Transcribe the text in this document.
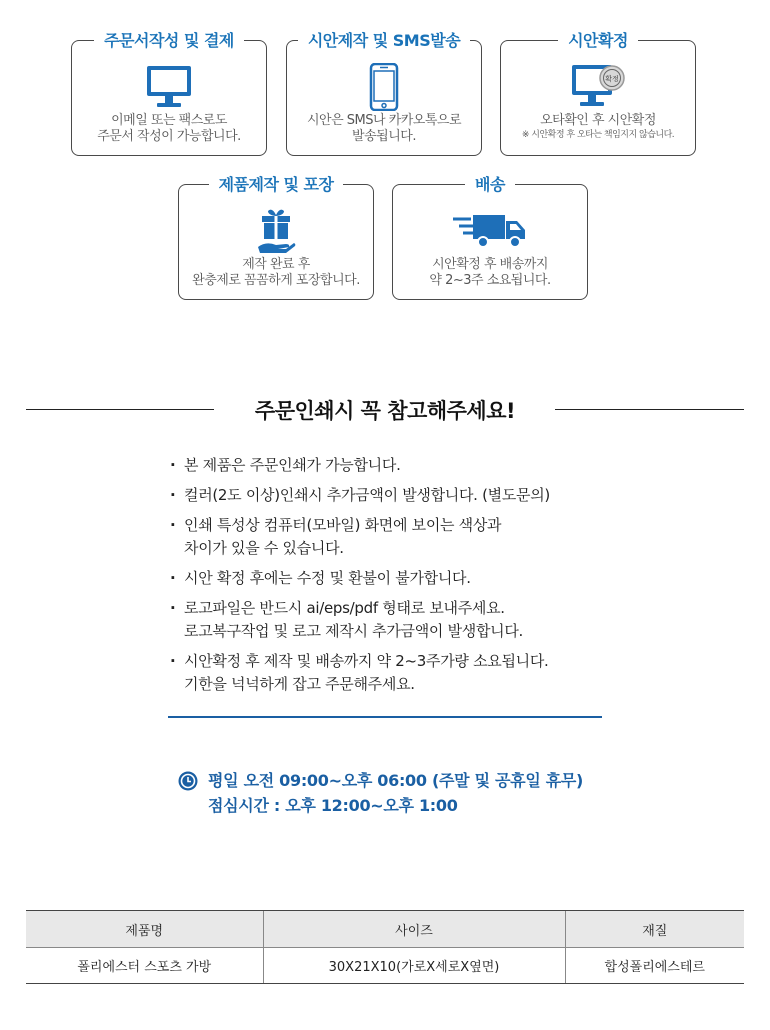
주문서작성 및 결제
이메일 또는 팩스로도
주문서 작성이 가능합니다.
시안제작 및 SMS발송
시안은 SMS나 카카오톡으로
발송됩니다.
시안확정
확정
오타확인 후 시안확정
※ 시안확정 후 오타는 책임지지 않습니다.
제품제작 및 포장
제작 완료 후
완충제로 꼼꼼하게 포장합니다.
배송
시안확정 후 배송까지
약 2~3주 소요됩니다.
주문인쇄시 꼭 참고해주세요!
· 본 제품은 주문인쇄가 가능합니다.
· 컬러(2도 이상)인쇄시 추가금액이 발생합니다. (별도문의)
· 인쇄 특성상 컴퓨터(모바일) 화면에 보이는 색상과
차이가 있을 수 있습니다.
· 시안 확정 후에는 수정 및 환불이 불가합니다.
· 로고파일은 반드시 ai/eps/pdf 형태로 보내주세요.
로고복구작업 및 로고 제작시 추가금액이 발생합니다.
· 시안확정 후 제작 및 배송까지 약 2~3주가량 소요됩니다.
기한을 넉넉하게 잡고 주문해주세요.
평일 오전 09:00~오후 06:00 (주말 및 공휴일 휴무)
점심시간 : 오후 12:00~오후 1:00
제품명	사이즈	재질
폴리에스터 스포츠 가방	30X21X10(가로X세로X옆면)	합성폴리에스테르
